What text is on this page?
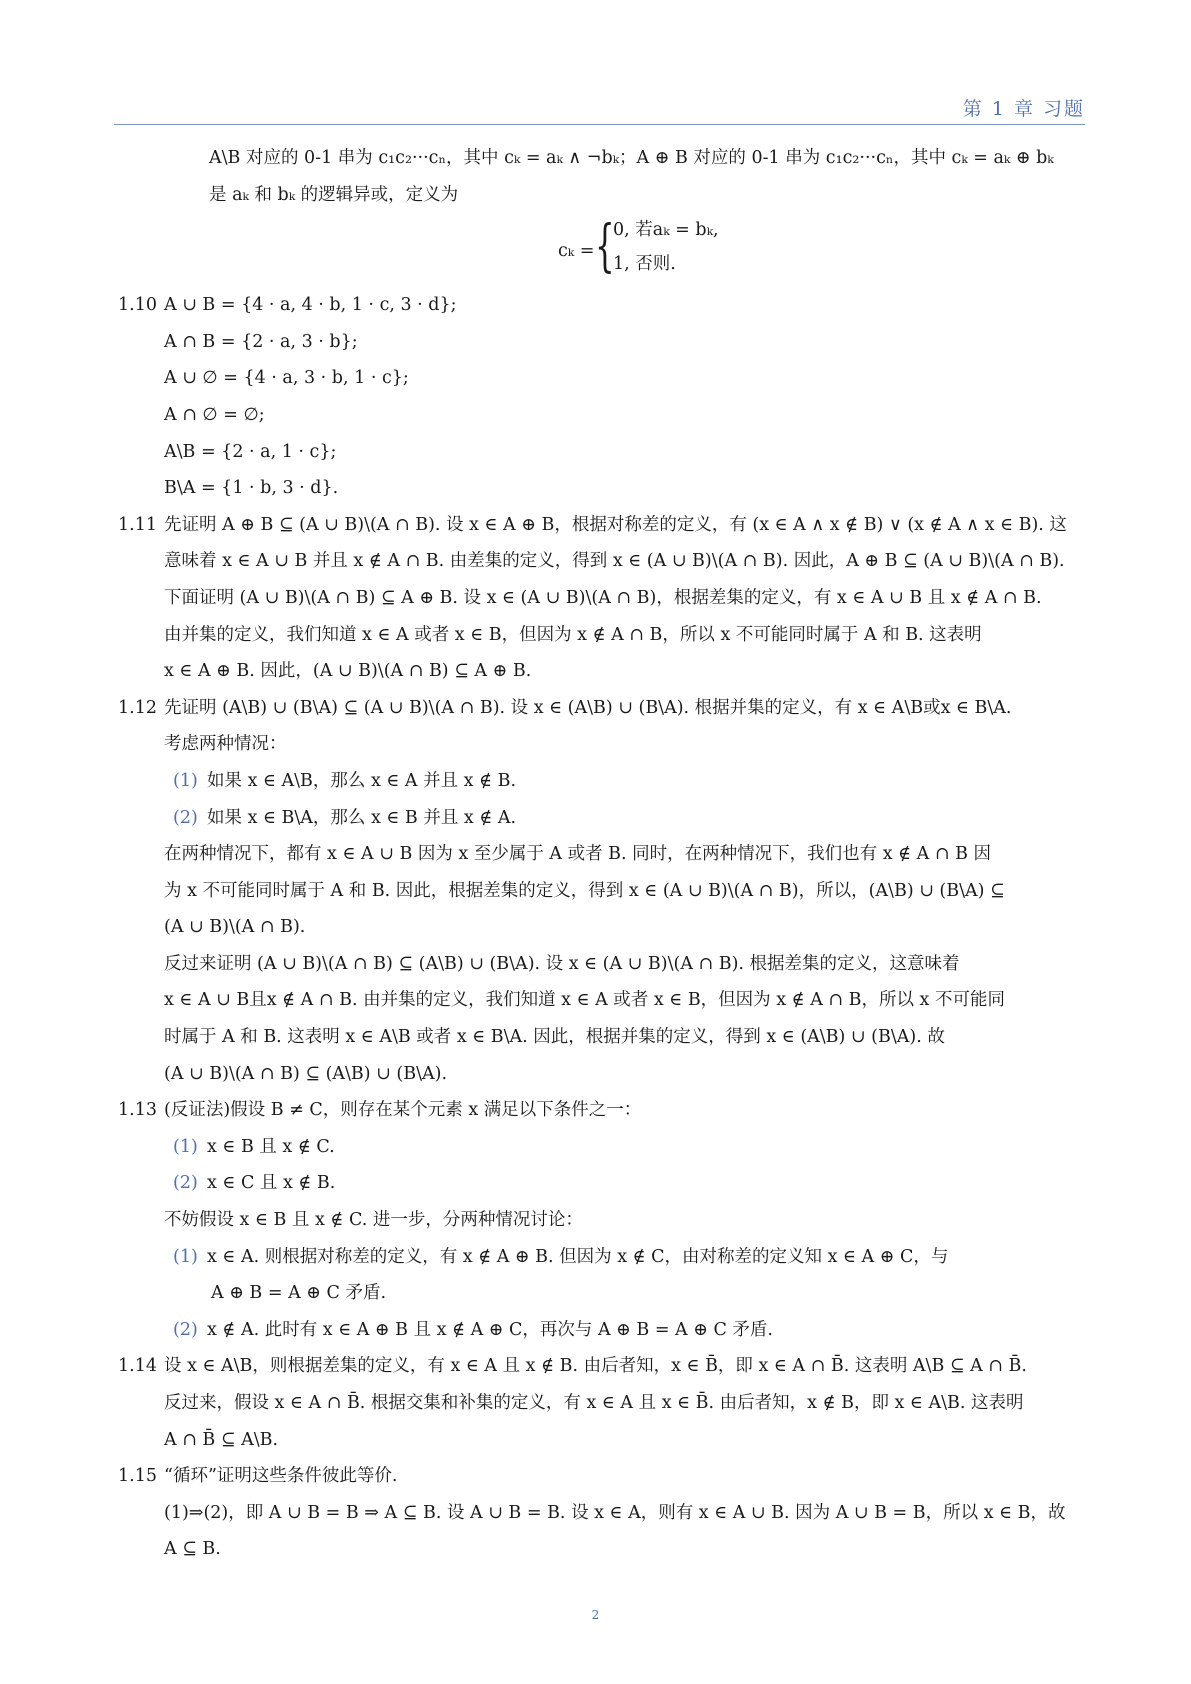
第 1 章 习题
A\B 对应的 0-1 串为 c₁c₂···cₙ，其中 cₖ = aₖ ∧ ¬bₖ；A ⊕ B 对应的 0-1 串为 c₁c₂···cₙ，其中 cₖ = aₖ ⊕ bₖ
是 aₖ 和 bₖ 的逻辑异或，定义为
cₖ = {
0, 若aₖ = bₖ,
1, 否则.
1.10 A ∪ B = {4 · a, 4 · b, 1 · c, 3 · d};
A ∩ B = {2 · a, 3 · b};
A ∪ ∅ = {4 · a, 3 · b, 1 · c};
A ∩ ∅ = ∅;
A\B = {2 · a, 1 · c};
B\A = {1 · b, 3 · d}.
1.11 先证明 A ⊕ B ⊆ (A ∪ B)\(A ∩ B). 设 x ∈ A ⊕ B，根据对称差的定义，有 (x ∈ A ∧ x ∉ B) ∨ (x ∉ A ∧ x ∈ B). 这
意味着 x ∈ A ∪ B 并且 x ∉ A ∩ B. 由差集的定义，得到 x ∈ (A ∪ B)\(A ∩ B). 因此，A ⊕ B ⊆ (A ∪ B)\(A ∩ B).
下面证明 (A ∪ B)\(A ∩ B) ⊆ A ⊕ B. 设 x ∈ (A ∪ B)\(A ∩ B)，根据差集的定义，有 x ∈ A ∪ B 且 x ∉ A ∩ B.
由并集的定义，我们知道 x ∈ A 或者 x ∈ B，但因为 x ∉ A ∩ B，所以 x 不可能同时属于 A 和 B. 这表明
x ∈ A ⊕ B. 因此，(A ∪ B)\(A ∩ B) ⊆ A ⊕ B.
1.12 先证明 (A\B) ∪ (B\A) ⊆ (A ∪ B)\(A ∩ B). 设 x ∈ (A\B) ∪ (B\A). 根据并集的定义，有 x ∈ A\B或x ∈ B\A.
考虑两种情况：
(1) 如果 x ∈ A\B，那么 x ∈ A 并且 x ∉ B.
(2) 如果 x ∈ B\A，那么 x ∈ B 并且 x ∉ A.
在两种情况下，都有 x ∈ A ∪ B 因为 x 至少属于 A 或者 B. 同时，在两种情况下，我们也有 x ∉ A ∩ B 因
为 x 不可能同时属于 A 和 B. 因此，根据差集的定义，得到 x ∈ (A ∪ B)\(A ∩ B)，所以，(A\B) ∪ (B\A) ⊆
(A ∪ B)\(A ∩ B).
反过来证明 (A ∪ B)\(A ∩ B) ⊆ (A\B) ∪ (B\A). 设 x ∈ (A ∪ B)\(A ∩ B). 根据差集的定义，这意味着
x ∈ A ∪ B且x ∉ A ∩ B. 由并集的定义，我们知道 x ∈ A 或者 x ∈ B，但因为 x ∉ A ∩ B，所以 x 不可能同
时属于 A 和 B. 这表明 x ∈ A\B 或者 x ∈ B\A. 因此，根据并集的定义，得到 x ∈ (A\B) ∪ (B\A). 故
(A ∪ B)\(A ∩ B) ⊆ (A\B) ∪ (B\A).
1.13 (反证法)假设 B ≠ C，则存在某个元素 x 满足以下条件之一：
(1) x ∈ B 且 x ∉ C.
(2) x ∈ C 且 x ∉ B.
不妨假设 x ∈ B 且 x ∉ C. 进一步，分两种情况讨论：
(1) x ∈ A. 则根据对称差的定义，有 x ∉ A ⊕ B. 但因为 x ∉ C，由对称差的定义知 x ∈ A ⊕ C，与
A ⊕ B = A ⊕ C 矛盾.
(2) x ∉ A. 此时有 x ∈ A ⊕ B 且 x ∉ A ⊕ C，再次与 A ⊕ B = A ⊕ C 矛盾.
1.14 设 x ∈ A\B，则根据差集的定义，有 x ∈ A 且 x ∉ B. 由后者知，x ∈ B̄，即 x ∈ A ∩ B̄. 这表明 A\B ⊆ A ∩ B̄.
反过来，假设 x ∈ A ∩ B̄. 根据交集和补集的定义，有 x ∈ A 且 x ∈ B̄. 由后者知，x ∉ B，即 x ∈ A\B. 这表明
A ∩ B̄ ⊆ A\B.
1.15 “循环”证明这些条件彼此等价.
(1)⇒(2)，即 A ∪ B = B ⇒ A ⊆ B. 设 A ∪ B = B. 设 x ∈ A，则有 x ∈ A ∪ B. 因为 A ∪ B = B，所以 x ∈ B，故
A ⊆ B.
2
